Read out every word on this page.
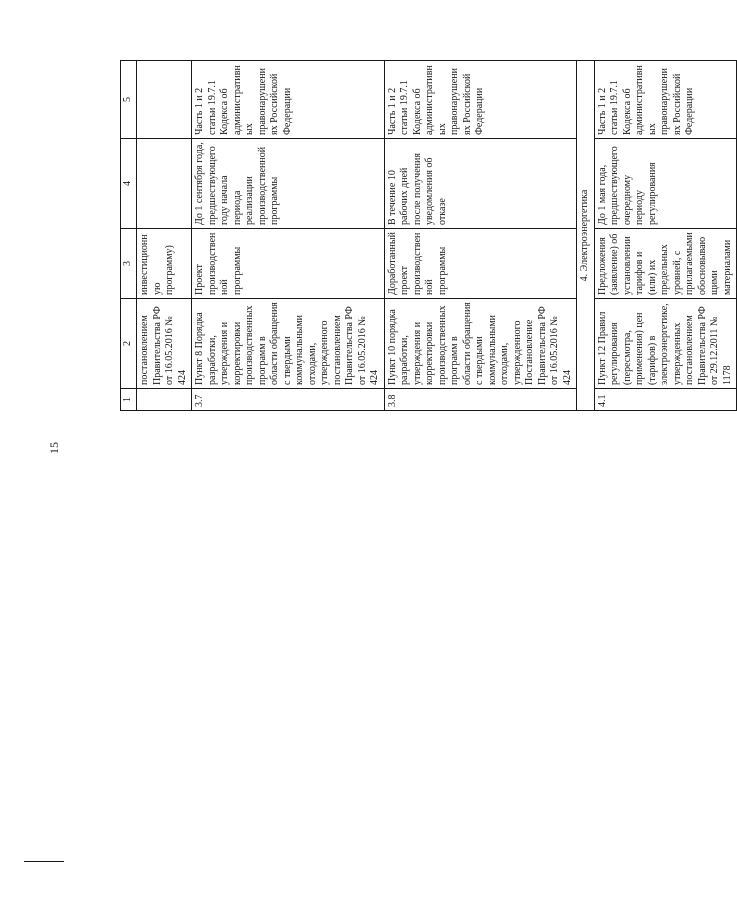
15
1	2	3	4	5
	постановлением Правительства РФ от 16.05.2016 № 424	инвестиционную программу)		
3.7	Пункт 8 Порядка разработки, утверждения и корректировки производственных программ в области обращения с твердыми коммунальными отходами, утвержденного постановлением Правительства РФ от 16.05.2016 № 424	Проект производственной программы	До 1 сентября года, предшествующего году начала периода реализации производственной программы	Часть 1 и 2 статьи 19.7.1 Кодекса об административных правонарушениях Российской Федерации
3.8	Пункт 10 порядка разработки, утверждения и корректировки производственных программ в области обращения с твердыми коммунальными отходами, утвержденного Постановление Правительства РФ от 16.05.2016 № 424	Доработанный проект производственной программы	В течение 10 рабочих дней после получения уведомления об отказе	Часть 1 и 2 статьи 19.7.1 Кодекса об административных правонарушениях Российской Федерации
4. Электроэнергетика				
4.1	Пункт 12 Правил регулирования (пересмотра, применения) цен (тарифов) в электроэнергетике, утвержденных постановлением Правительства РФ от 29.12.2011 № 1178	Предложения (заявление) об установлении тарифов и (или) их предельных уровней, с прилагаемыми обосновывающими материалами	До 1 мая года, предшествующего очередному периоду регулирования	Часть 1 и 2 статьи 19.7.1 Кодекса об административных правонарушениях Российской Федерации
